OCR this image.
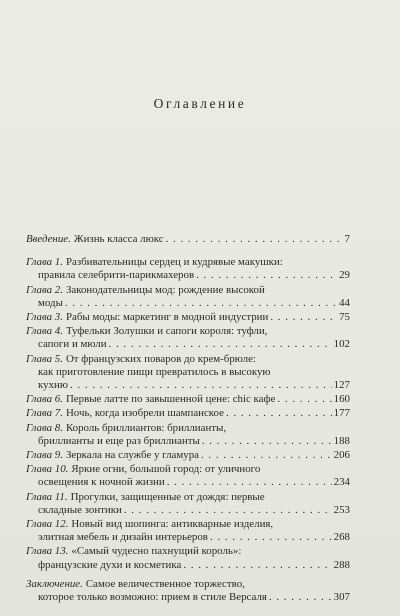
Оглавление
Введение. Жизнь класса люкс . . .	7
Глава 1. Разбивательницы сердец и кудрявые макушки:
правила селебрити-парикмахеров . . .	29
Глава 2. Законодательницы мод: рождение высокой
моды . . .	44
Глава 3. Рабы моды: маркетинг в модной индустрии . . .	75
Глава 4. Туфельки Золушки и сапоги короля: туфли,
сапоги и мюли . . .	102
Глава 5. От французских поваров до крем-брюле:
как приготовление пищи превратилось в высокую
кухню . . .	127
Глава 6. Первые латте по завышенной цене: chic кафе . . .	160
Глава 7. Ночь, когда изобрели шампанское . . .	177
Глава 8. Король бриллиантов: бриллианты,
бриллианты и еще раз бриллианты . . .	188
Глава 9. Зеркала на службе у гламура . . .	206
Глава 10. Яркие огни, большой город: от уличного
освещения к ночной жизни . . .	234
Глава 11. Прогулки, защищенные от дождя: первые
складные зонтики . . .	253
Глава 12. Новый вид шопинга: антикварные изделия,
элитная мебель и дизайн интерьеров . . .	268
Глава 13. «Самый чудесно пахнущий король»:
французские духи и косметика . . .	288
Заключение. Самое величественное торжество,
которое только возможно: прием в стиле Версаля . . .	307
